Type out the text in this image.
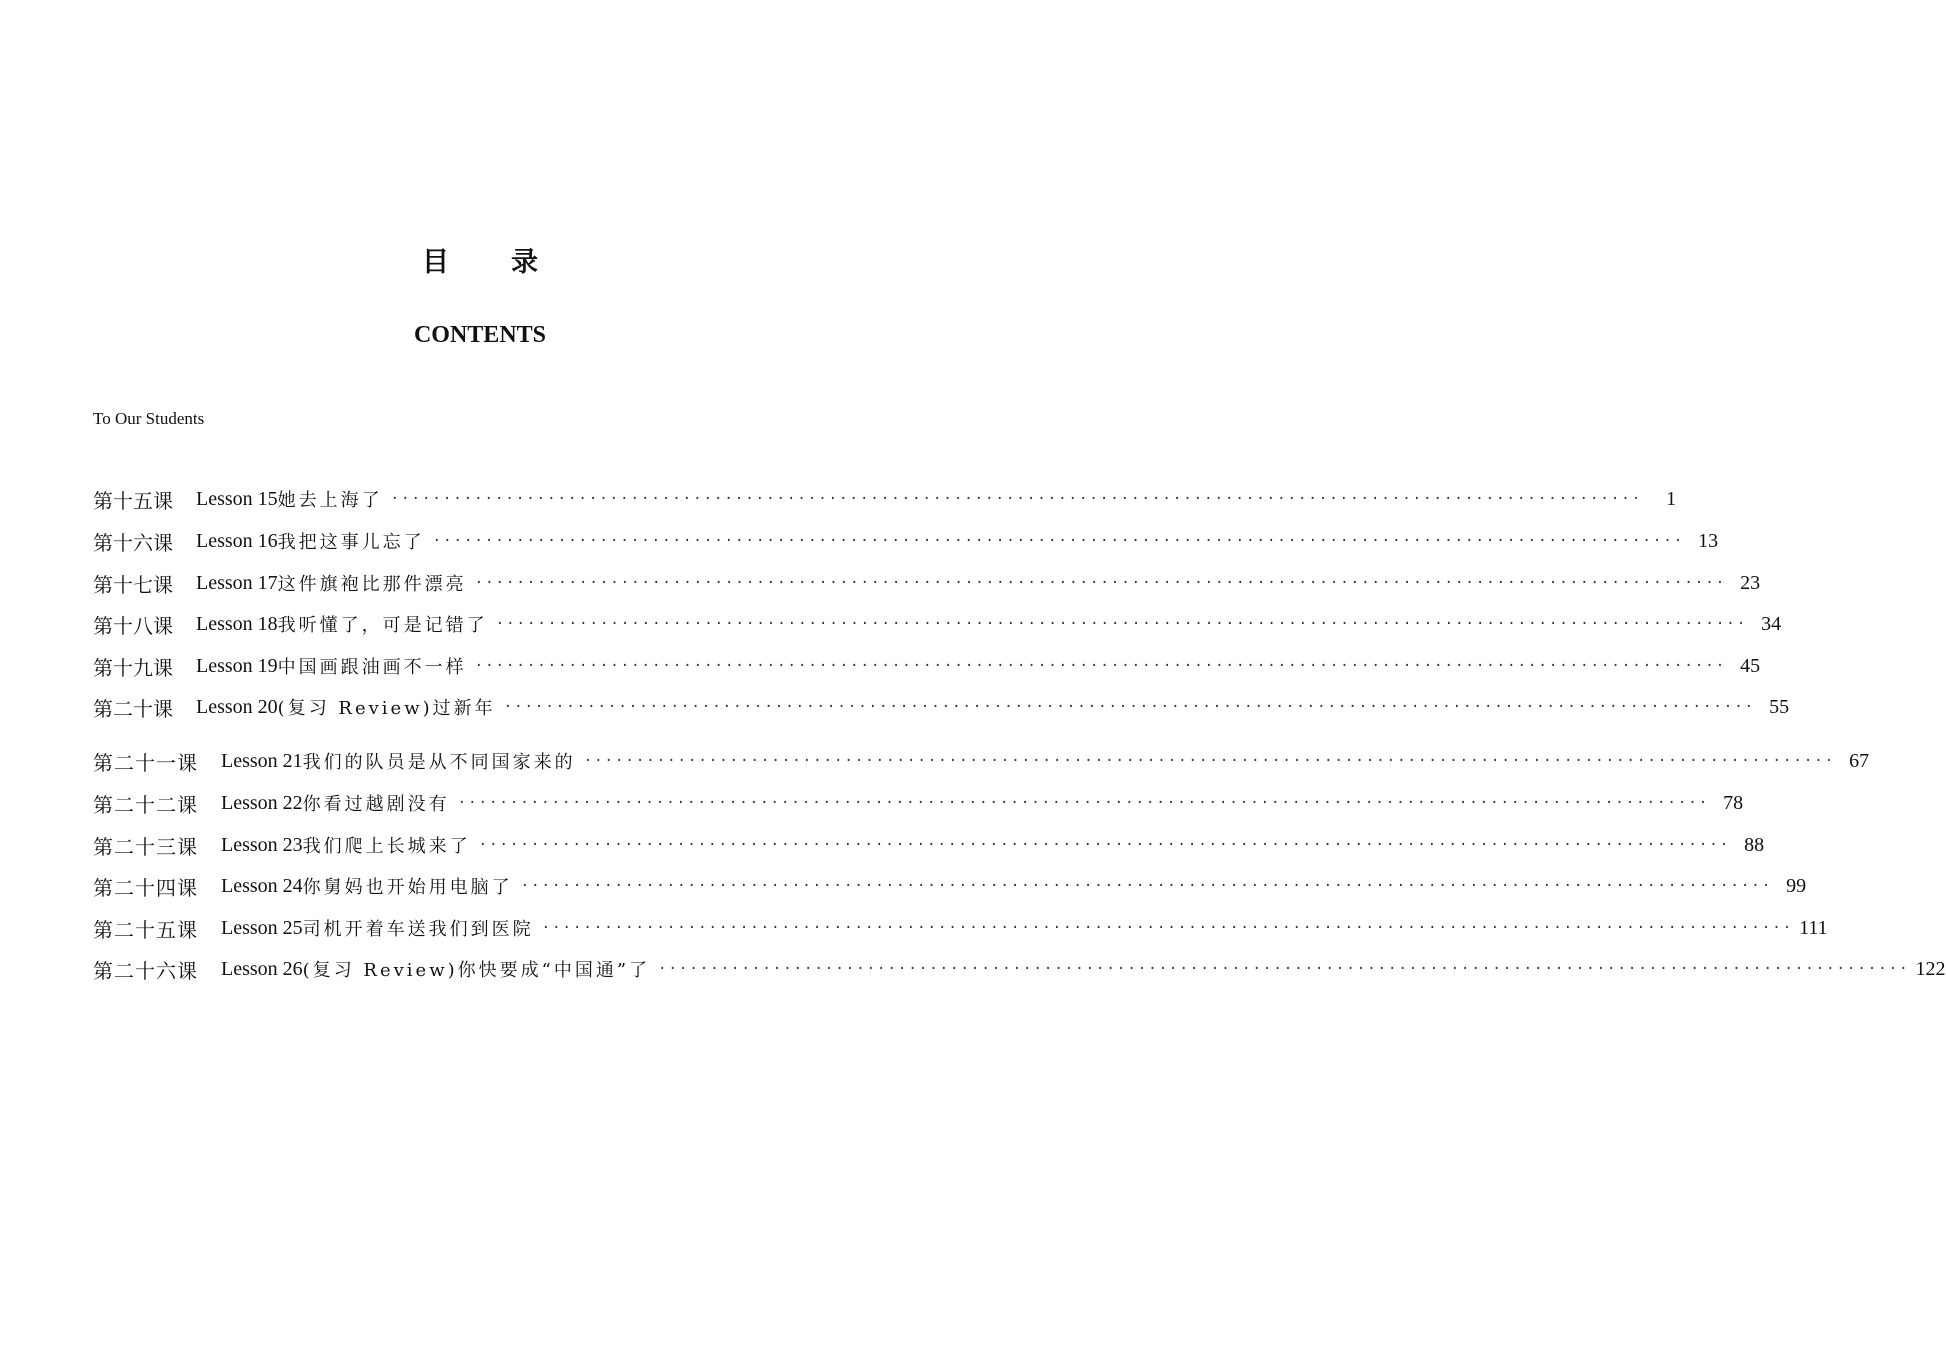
目录
CONTENTS
To Our Students
第 十 五 课 Lesson 15 她去上海了 ························································································································	1
第 十 六 课 Lesson 16 我把这事儿忘了 ························································································································ 13
第 十 七 课 Lesson 17 这件旗袍比那件漂亮 ························································································································ 23
第 十 八 课 Lesson 18 我听懂了，可是记错了 ························································································································ 34
第 十 九 课 Lesson 19 中国画跟油画不一样 ························································································································ 45
第 二 十 课 Lesson 20 (复习 Review)过新年 ························································································································ 55
第 二 十 一 课 Lesson 21 我们的队员是从不同国家来的 ························································································································ 67
第 二 十 二 课 Lesson 22 你看过越剧没有 ························································································································ 78
第 二 十 三 课 Lesson 23 我们爬上长城来了 ························································································································ 88
第 二 十 四 课 Lesson 24 你舅妈也开始用电脑了 ························································································································ 99
第 二 十 五 课 Lesson 25 司机开着车送我们到医院 ························································································································ 111
第 二 十 六 课 Lesson 26 (复习 Review)你快要成“中国通”了 ························································································································ 122
